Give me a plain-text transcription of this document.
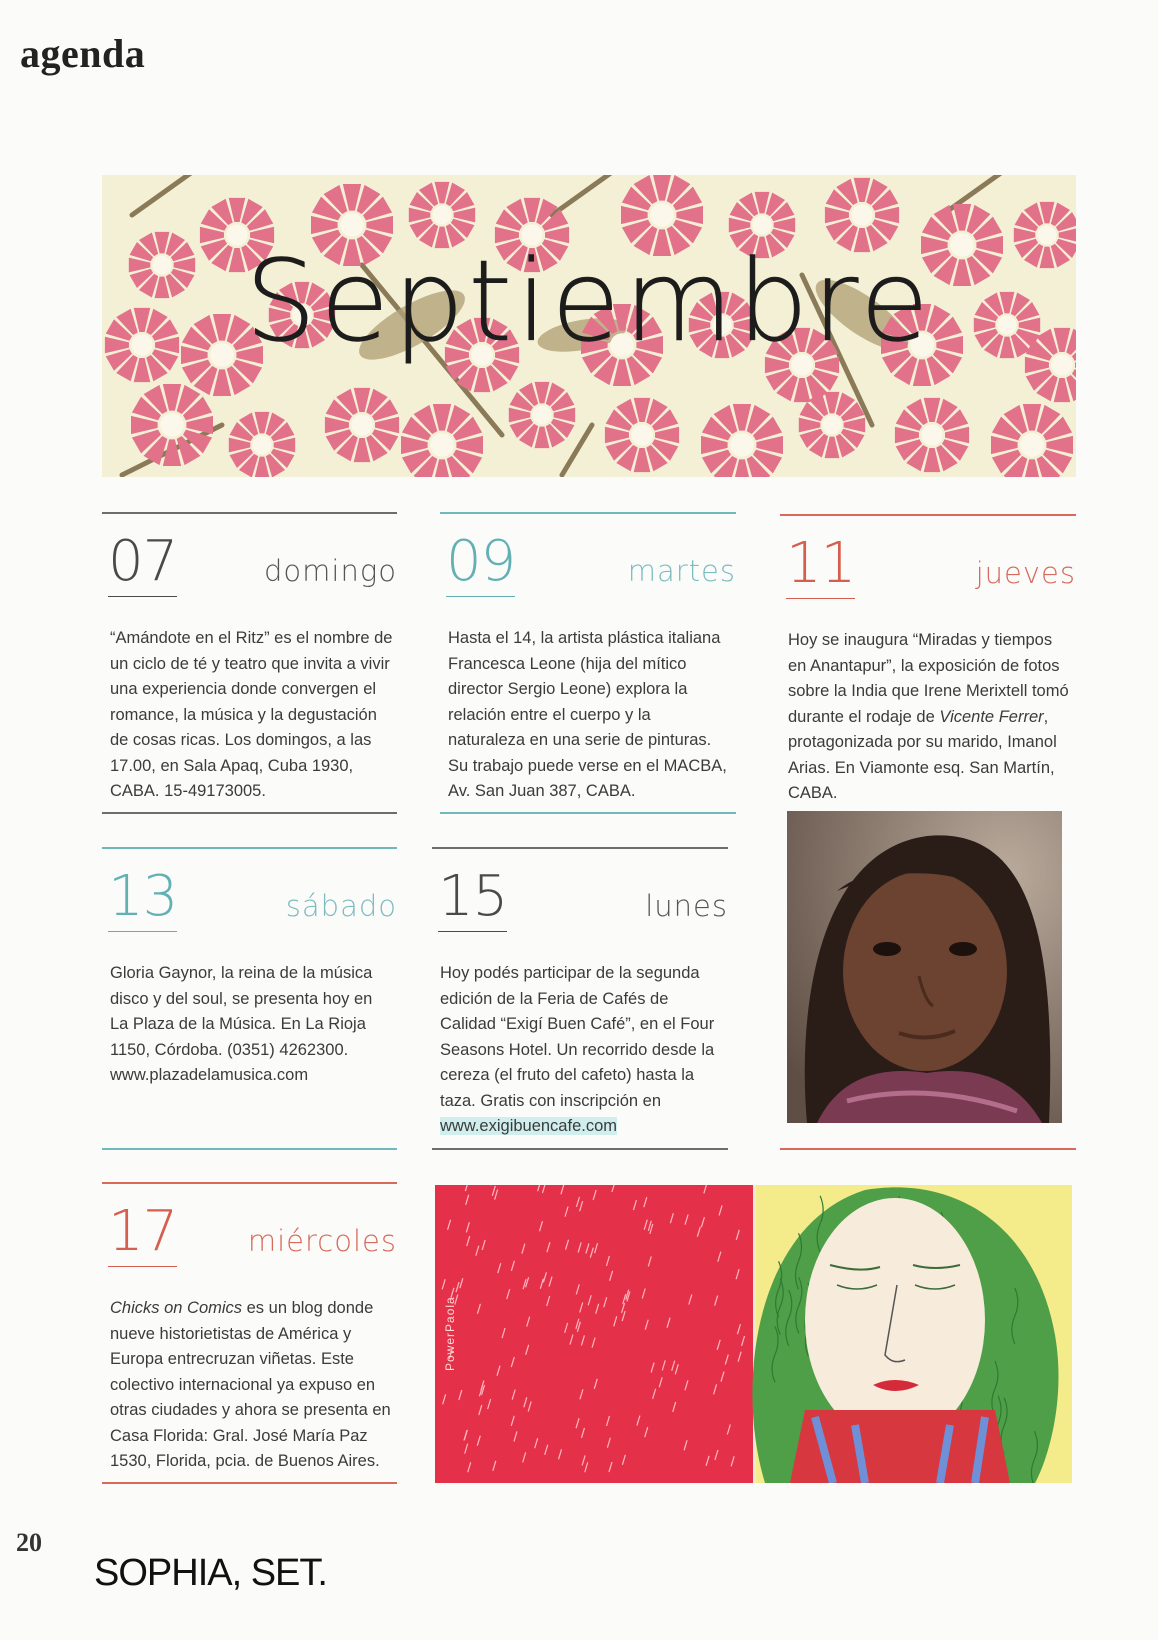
agenda
Septiembre
07	domingo
“Amándote en el Ritz” es el nombre de un ciclo de té y teatro que invita a vivir una experiencia donde convergen el romance, la música y la degustación de cosas ricas. Los domingos, a las 17.00, en Sala Apaq, Cuba 1930, CABA. 15-49173005.
09	martes
Hasta el 14, la artista plástica italiana Francesca Leone (hija del mítico director Sergio Leone) explora la relación entre el cuerpo y la naturaleza en una serie de pinturas. Su trabajo puede verse en el MACBA, Av. San Juan 387, CABA.
11	jueves
Hoy se inaugura “Miradas y tiempos en Anantapur”, la exposición de fotos sobre la India que Irene Merixtell tomó durante el rodaje de Vicente Ferrer, protagonizada por su marido, Imanol Arias. En Viamonte esq. San Martín, CABA.
13	sábado
Gloria Gaynor, la reina de la música disco y del soul, se presenta hoy en La Plaza de la Música. En La Rioja 1150, Córdoba. (0351) 4262300. www.plazadelamusica.com
15	lunes
Hoy podés participar de la segunda edición de la Feria de Cafés de Calidad “Exigí Buen Café”, en el Four Seasons Hotel. Un recorrido desde la cereza (el fruto del cafeto) hasta la taza. Gratis con inscripción en www.exigibuencafe.com
17 miércoles
Chicks on Comics es un blog donde nueve historietistas de América y Europa entrecruzan viñetas. Este colectivo internacional ya expuso en otras ciudades y ahora se presenta en Casa Florida: Gral. José María Paz 1530, Florida, pcia. de Buenos Aires.
PowerPaola
20
SOPHIA, SET.
